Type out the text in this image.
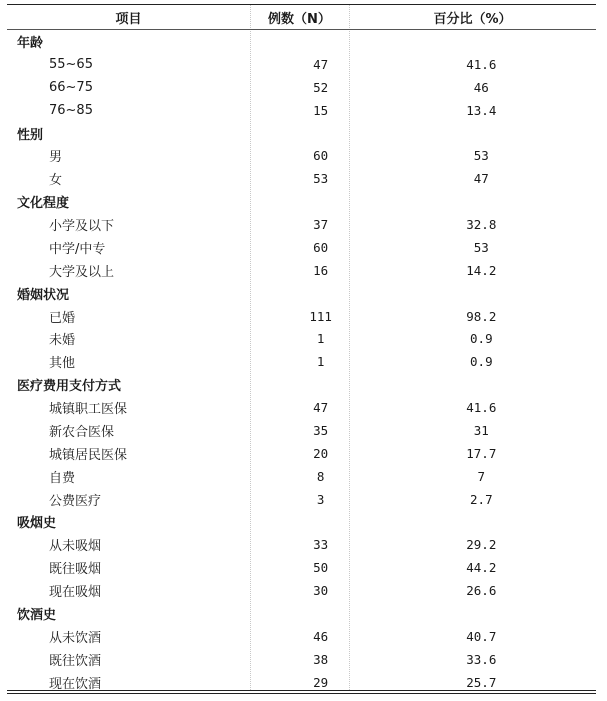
项目	例数（N）	百分比（%）
年龄
55~65	47	41.6
66~75	52	46
76~85	15	13.4
性别
男	60	53
女	53	47
文化程度
小学及以下	37	32.8
中学/中专	60	53
大学及以上	16	14.2
婚姻状况
已婚	111	98.2
未婚	1	0.9
其他	1	0.9
医疗费用支付方式
城镇职工医保	47	41.6
新农合医保	35	31
城镇居民医保	20	17.7
自费	8	7
公费医疗	3	2.7
吸烟史
从未吸烟	33	29.2
既往吸烟	50	44.2
现在吸烟	30	26.6
饮酒史
从未饮酒	46	40.7
既往饮酒	38	33.6
现在饮酒	29	25.7
